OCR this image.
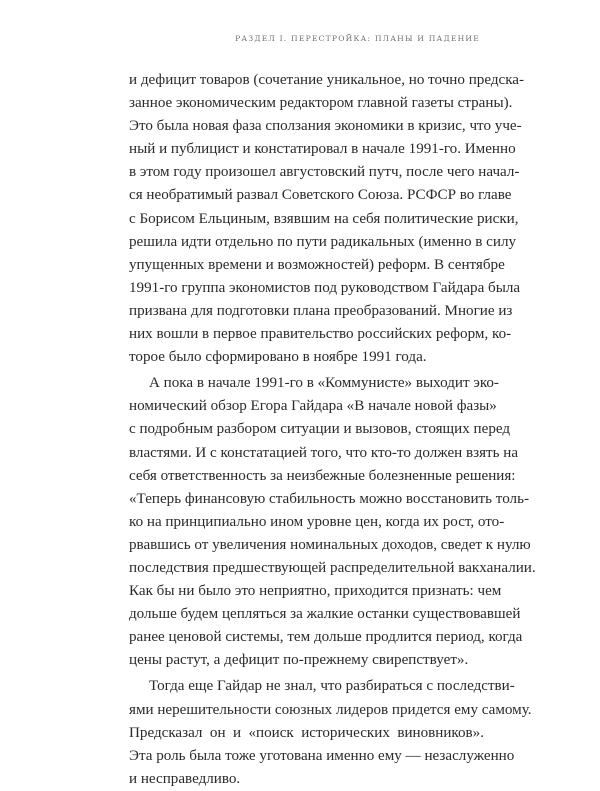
РАЗДЕЛ I. ПЕРЕСТРОЙКА: ПЛАНЫ И ПАДЕНИЕ
и дефицит товаров (сочетание уникальное, но точно предска-
занное экономическим редактором главной газеты страны).
Это была новая фаза сползания экономики в кризис, что уче-
ный и публицист и констатировал в начале 1991-го. Именно
в этом году произошел августовский путч, после чего начал-
ся необратимый развал Советского Союза. РСФСР во главе
с Борисом Ельциным, взявшим на себя политические риски,
решила идти отдельно по пути радикальных (именно в силу
упущенных времени и возможностей) реформ. В сентябре
1991-го группа экономистов под руководством Гайдара была
призвана для подготовки плана преобразований. Многие из
них вошли в первое правительство российских реформ, ко-
торое было сформировано в ноябре 1991 года.
А пока в начале 1991-го в «Коммунисте» выходит эко-
номический обзор Егора Гайдара «В начале новой фазы»
с подробным разбором ситуации и вызовов, стоящих перед
властями. И с констатацией того, что кто-то должен взять на
себя ответственность за неизбежные болезненные решения:
«Теперь финансовую стабильность можно восстановить толь-
ко на принципиально ином уровне цен, когда их рост, ото-
рвавшись от увеличения номинальных доходов, сведет к нулю
последствия предшествующей распределительной вакханалии.
Как бы ни было это неприятно, приходится признать: чем
дольше будем цепляться за жалкие останки существовавшей
ранее ценовой системы, тем дольше продлится период, когда
цены растут, а дефицит по-прежнему свирепствует».
Тогда еще Гайдар не знал, что разбираться с последстви-
ями нерешительности союзных лидеров придется ему самому.
Предсказал он и «поиск исторических виновников».
Эта роль была тоже уготована именно ему — незаслуженно
и несправедливо.
